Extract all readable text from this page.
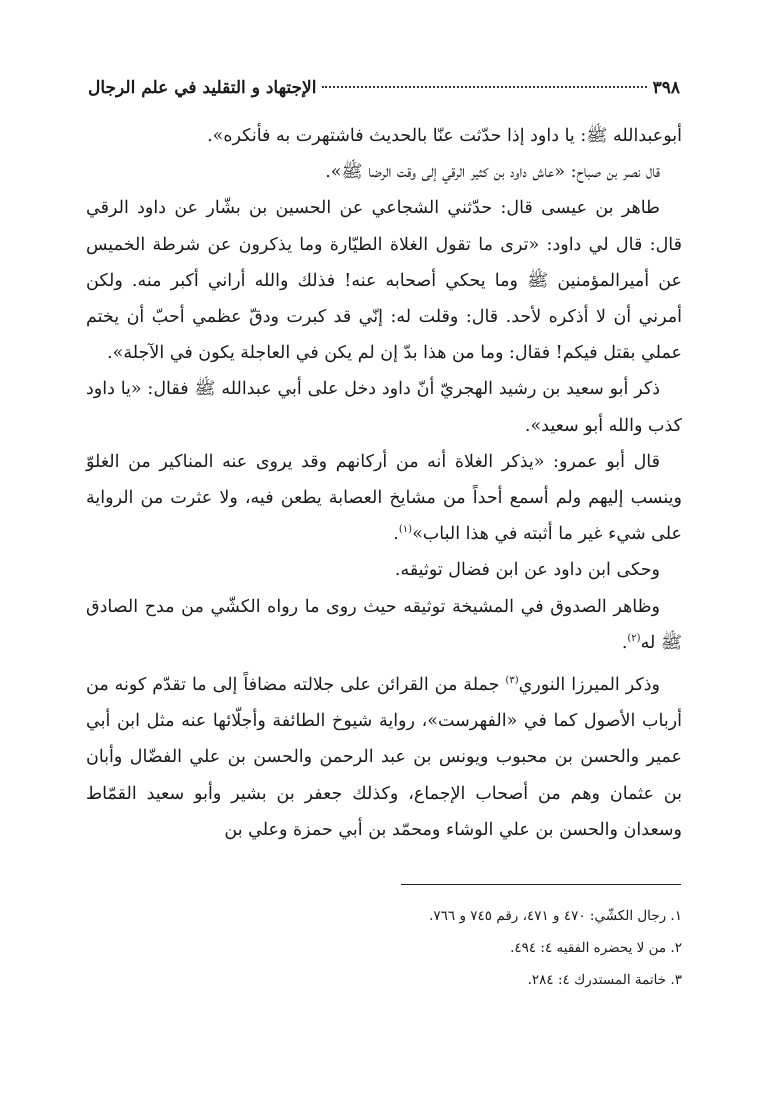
٣٩٨
الإجتهاد و التقليد في علم الرجال

أبوعبدالله ﷺ: يا داود إذا حدّثت عنّا بالحديث فاشتهرت به فأنكره».

قال نصر بن صباح: «عاش داود بن كثير الرقي إلى وقت الرضا ﷺ».

طاهر بن عيسى قال: حدّثني الشجاعي عن الحسين بن بشّار عن داود الرقي قال: قال لي داود: «ترى ما تقول الغلاة الطيّارة وما يذكرون عن شرطة الخميس عن أميرالمؤمنين ﷺ وما يحكي أصحابه عنه! فذلك والله أراني أكبر منه. ولكن أمرني أن لا أذكره لأحد. قال: وقلت له: إنّي قد كبرت ودقّ عظمي أحبّ أن يختم عملي بقتل فيكم! فقال: وما من هذا بدّ إن لم يكن في العاجلة يكون في الآجلة».

ذكر أبو سعيد بن رشيد الهجريّ أنّ داود دخل على أبي عبدالله ﷺ فقال: «يا داود كذب والله أبو سعيد».

قال أبو عمرو: «يذكر الغلاة أنه من أركانهم وقد يروى عنه المناكير من الغلوّ وينسب إليهم ولم أسمع أحداً من مشايخ العصابة يطعن فيه، ولا عثرت من الرواية على شيء غير ما أثبته في هذا الباب»$^{(١)}$.

وحكى ابن داود عن ابن فضال توثيقه.

وظاهر الصدوق في المشيخة توثيقه حيث روى ما رواه الكشّي من مدح الصادق ﷺ له$^{(٢)}$.

وذكر الميرزا النوري$^{(٣)}$ جملة من القرائن على جلالته مضافاً إلى ما تقدّم كونه من أرباب الأصول كما في «الفهرست»، رواية شيوخ الطائفة وأجلّائها عنه مثل ابن أبي عمير والحسن بن محبوب ويونس بن عبد الرحمن والحسن بن علي الفضّال وأبان بن عثمان وهم من أصحاب الإجماع، وكذلك جعفر بن بشير وأبو سعيد القمّاط وسعدان والحسن بن علي الوشاء ومحمّد بن أبي حمزة وعلي بن

١. رجال الكشّي: ٤٧٠ و ٤٧١، رقم ٧٤٥ و ٧٦٦.

٢. من لا يحضره الفقيه ٤: ٤٩٤.

٣. خاتمة المستدرك ٤: ٢٨٤.
